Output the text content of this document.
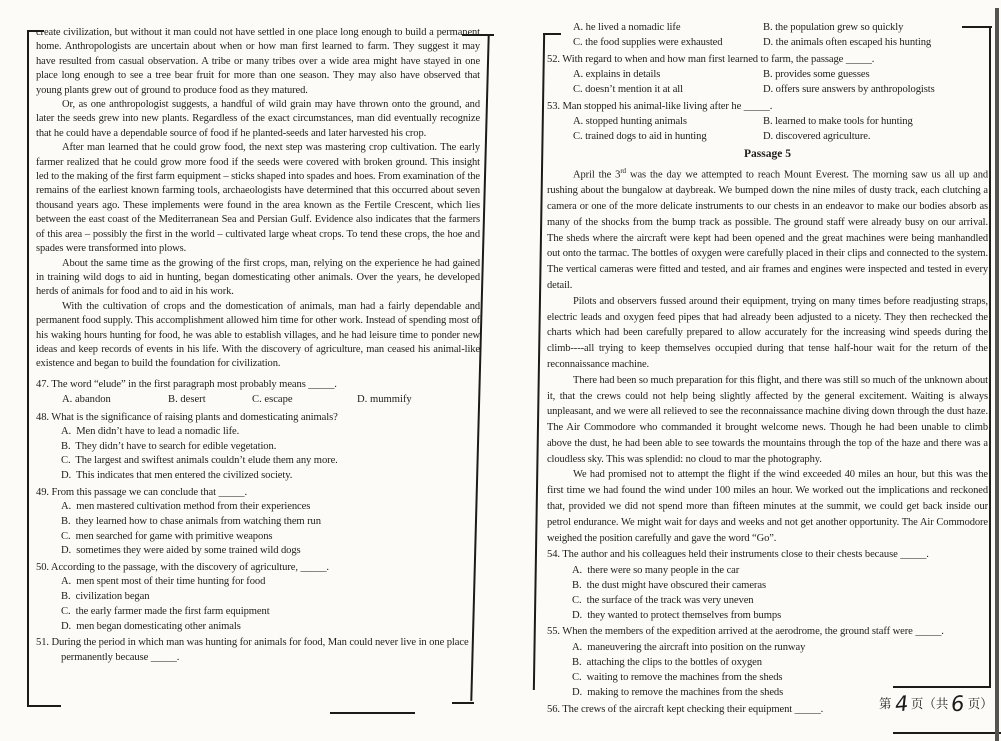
create civilization, but without it man could not have settled in one place long enough to build a permanent home. Anthropologists are uncertain about when or how man first learned to farm. They suggest it may have resulted from casual observation. A tribe or many tribes over a wide area might have stayed in one place long enough to see a tree bear fruit for more than one season. They may also have observed that young plants grew out of ground to produce food as they matured.
Or, as one anthropologist suggests, a handful of wild grain may have thrown onto the ground, and later the seeds grew into new plants. Regardless of the exact circumstances, man did eventually recognize that he could have a dependable source of food if he planted-seeds and later harvested his crop.
After man learned that he could grow food, the next step was mastering crop cultivation. The early farmer realized that he could grow more food if the seeds were covered with broken ground. This insight led to the making of the first farm equipment – sticks shaped into spades and hoes. From examination of the remains of the earliest known farming tools, archaeologists have determined that this occurred about seven thousand years ago. These implements were found in the area known as the Fertile Crescent, which lies between the east coast of the Mediterranean Sea and Persian Gulf. Evidence also indicates that the farmers of this area – possibly the first in the world – cultivated large wheat crops. To tend these crops, the hoe and spades were transformed into plows.
About the same time as the growing of the first crops, man, relying on the experience he had gained in training wild dogs to aid in hunting, began domesticating other animals. Over the years, he developed herds of animals for food and to aid in his work.
With the cultivation of crops and the domestication of animals, man had a fairly dependable and permanent food supply. This accomplishment allowed him time for other work. Instead of spending most of his waking hours hunting for food, he was able to establish villages, and he had leisure time to ponder new ideas and keep records of events in his life. With the discovery of agriculture, man ceased his animal-like existence and began to build the foundation for civilization.
47. The word “elude” in the first paragraph most probably means _____.
A. abandon	B. desert	C. escape	D. mummify
48. What is the significance of raising plants and domesticating animals?
A.  Men didn’t have to lead a nomadic life.
B.  They didn’t have to search for edible vegetation.
C.  The largest and swiftest animals couldn’t elude them any more.
D.  This indicates that men entered the civilized society.
49. From this passage we can conclude that _____.
A.  men mastered cultivation method from their experiences
B.  they learned how to chase animals from watching them run
C.  men searched for game with primitive weapons
D.  sometimes they were aided by some trained wild dogs
50. According to the passage, with the discovery of agriculture, _____.
A.  men spent most of their time hunting for food
B.  civilization began
C.  the early farmer made the first farm equipment
D.  men began domesticating other animals
51. During the period in which man was hunting for animals for food, Man could never live in one place permanently because _____.
A. he lived a nomadic life	B. the population grew so quickly
C. the food supplies were exhausted	D. the animals often escaped his hunting
52. With regard to when and how man first learned to farm, the passage _____.
A. explains in details	B. provides some guesses
C. doesn’t mention it at all	D. offers sure answers by anthropologists
53. Man stopped his animal-like living after he _____.
A. stopped hunting animals	B. learned to make tools for hunting
C. trained dogs to aid in hunting	D. discovered agriculture.
Passage 5
April the 3rd was the day we attempted to reach Mount Everest. The morning saw us all up and rushing about the bungalow at daybreak. We bumped down the nine miles of dusty track, each clutching a camera or one of the more delicate instruments to our chests in an endeavor to make our bodies absorb as many of the shocks from the bump track as possible. The ground staff were already busy on our arrival. The sheds where the aircraft were kept had been opened and the great machines were being manhandled out onto the tarmac. The bottles of oxygen were carefully placed in their clips and connected to the system. The vertical cameras were fitted and tested, and air frames and engines were inspected and tested in every detail.
Pilots and observers fussed around their equipment, trying on many times before readjusting straps, electric leads and oxygen feed pipes that had already been adjusted to a nicety. They then rechecked the charts which had been carefully prepared to allow accurately for the increasing wind speeds during the climb----all trying to keep themselves occupied during that tense half-hour wait for the return of the reconnaissance machine.
There had been so much preparation for this flight, and there was still so much of the unknown about it, that the crews could not help being slightly affected by the general excitement. Waiting is always unpleasant, and we were all relieved to see the reconnaissance machine diving down through the dust haze. The Air Commodore who commanded it brought welcome news. Though he had been unable to climb above the dust, he had been able to see towards the mountains through the top of the haze and there was a cloudless sky. This was splendid: no cloud to mar the photography.
We had promised not to attempt the flight if the wind exceeded 40 miles an hour, but this was the first time we had found the wind under 100 miles an hour. We worked out the implications and reckoned that, provided we did not spend more than fifteen minutes at the summit, we could get back inside our petrol endurance. We might wait for days and weeks and not get another opportunity. The Air Commodore weighed the position carefully and gave the word “Go”.
54. The author and his colleagues held their instruments close to their chests because _____.
A.  there were so many people in the car
B.  the dust might have obscured their cameras
C.  the surface of the track was very uneven
D.  they wanted to protect themselves from bumps
55. When the members of the expedition arrived at the aerodrome, the ground staff were _____.
A.  maneuvering the aircraft into position on the runway
B.  attaching the clips to the bottles of oxygen
C.  waiting to remove the machines from the sheds
D.  making to remove the machines from the sheds
56. The crews of the aircraft kept checking their equipment _____.	第4 页（共6 页）
